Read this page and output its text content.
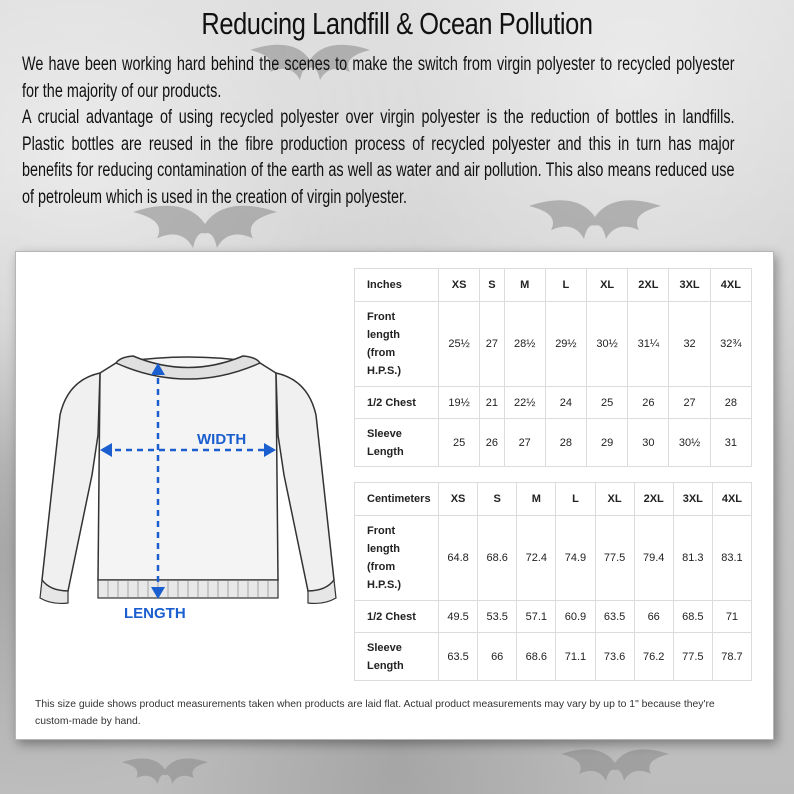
Reducing Landfill & Ocean Pollution

We have been working hard behind the scenes to make the switch from virgin polyester to recycled polyester for the majority of our products.

A crucial advantage of using recycled polyester over virgin polyester is the reduction of bottles in landfills. Plastic bottles are reused in the fibre production process of recycled polyester and this in turn has major benefits for reducing contamination of the earth as well as water and air pollution. This also means reduced use of petroleum which is used in the creation of virgin polyester.

WIDTH
LENGTH
Inches	XS	S	M	L	XL	2XL	3XL	4XL

Front
length
(from
H.P.S.)	25½	27	28½	29½	30½	31¼	32	32¾

1/2 Chest	19½	21	22½	24	25	26	27	28

Sleeve
Length	25	26	27	28	29	30	30½	31
Centimeters	XS	S	M	L	XL	2XL	3XL	4XL

Front
length
(from
H.P.S.)	64.8	68.6	72.4	74.9	77.5	79.4	81.3	83.1

1/2 Chest	49.5	53.5	57.1	60.9	63.5	66	68.5	71

Sleeve
Length	63.5	66	68.6	71.1	73.6	76.2	77.5	78.7
This size guide shows product measurements taken when products are laid flat. Actual product measurements may vary by up to 1" because they're custom-made by hand.
